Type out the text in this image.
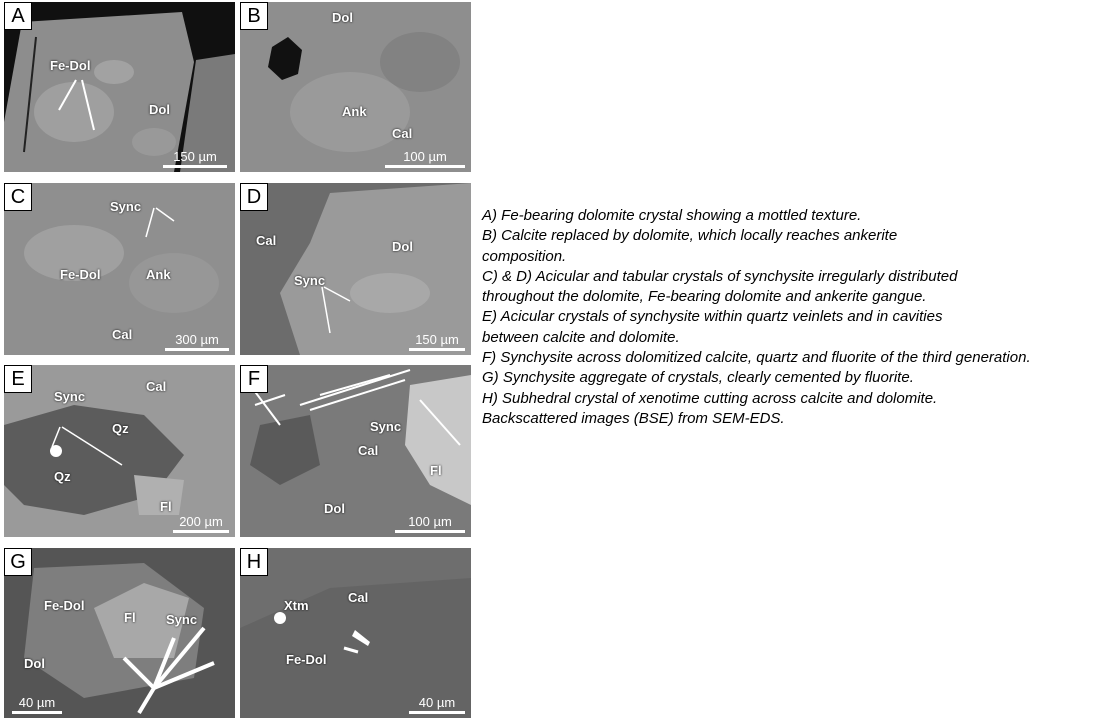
Fe-Dol
Dol
150 µm
A	Dol
Ank
Cal
100 µm
B
Sync
Fe-Dol	Ank
Cal	300 µm
C
Cal	Dol
Sync
150 µm
D
Sync
Cal
Qz
Qz
Fl
200 µm
E
Sync
Cal
Fl
Dol
100 µm
F
Fe-Dol
Fl Sync
Dol
40 µm
G
Xtm
Cal
Fe-Dol
40 µm
H
A) Fe-bearing dolomite crystal showing a mottled texture.
B) Calcite replaced by dolomite, which locally reaches ankerite
composition.
C) & D) Acicular and tabular crystals of synchysite irregularly distributed
throughout the dolomite, Fe-bearing dolomite and ankerite gangue.
E) Acicular crystals of synchysite within quartz veinlets and in cavities
between calcite and dolomite.
F) Synchysite across dolomitized calcite, quartz and fluorite of the third generation.
G) Synchysite aggregate of crystals, clearly cemented by fluorite.
H) Subhedral crystal of xenotime cutting across calcite and dolomite.
Backscattered images (BSE) from SEM-EDS.
